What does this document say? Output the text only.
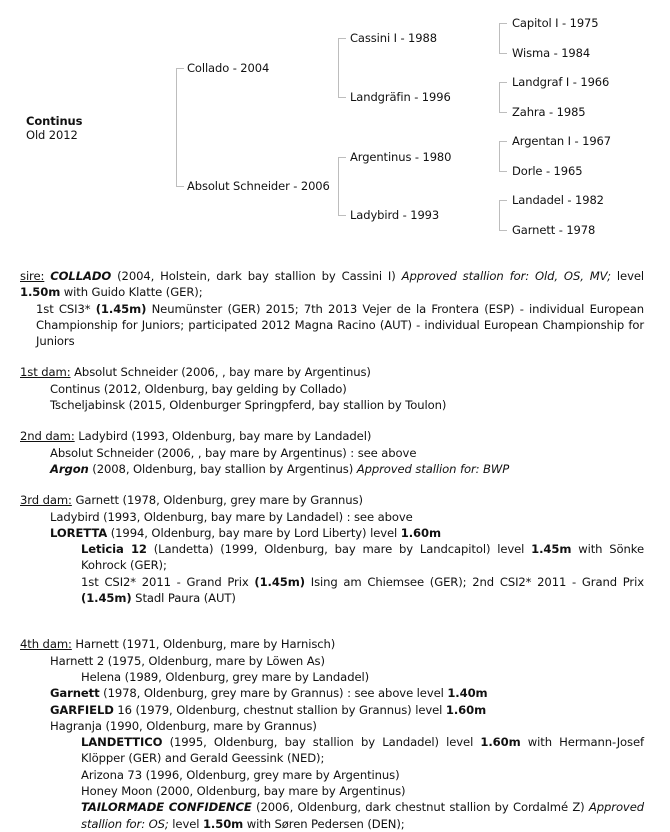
Continus
Old 2012
Collado - 2004
Absolut Schneider - 2006
Cassini I - 1988
Landgräfin - 1996
Argentinus - 1980
Ladybird - 1993
Capitol I - 1975
Wisma - 1984
Landgraf I - 1966
Zahra - 1985
Argentan I - 1967
Dorle - 1965
Landadel - 1982
Garnett - 1978

sire: COLLADO (2004, Holstein, dark bay stallion by Cassini I) Approved stallion for: Old, OS, MV; level 1.50m with Guido Klatte (GER);

1st CSI3* (1.45m) Neumünster (GER) 2015; 7th 2013 Vejer de la Frontera (ESP) - individual European Championship for Juniors; participated 2012 Magna Racino (AUT) - individual European Championship for Juniors

1st dam: Absolut Schneider (2006, , bay mare by Argentinus)

Continus (2012, Oldenburg, bay gelding by Collado)

Tscheljabinsk (2015, Oldenburger Springpferd, bay stallion by Toulon)

2nd dam: Ladybird (1993, Oldenburg, bay mare by Landadel)

Absolut Schneider (2006, , bay mare by Argentinus) : see above

Argon (2008, Oldenburg, bay stallion by Argentinus) Approved stallion for: BWP

3rd dam: Garnett (1978, Oldenburg, grey mare by Grannus)

Ladybird (1993, Oldenburg, bay mare by Landadel) : see above

LORETTA (1994, Oldenburg, bay mare by Lord Liberty) level 1.60m

Leticia 12 (Landetta) (1999, Oldenburg, bay mare by Landcapitol) level 1.45m with Sönke Kohrock (GER);

1st CSI2* 2011 - Grand Prix (1.45m) Ising am Chiemsee (GER); 2nd CSI2* 2011 - Grand Prix (1.45m) Stadl Paura (AUT)

4th dam: Harnett (1971, Oldenburg, mare by Harnisch)

Harnett 2 (1975, Oldenburg, mare by Löwen As)

Helena (1989, Oldenburg, grey mare by Landadel)

Garnett (1978, Oldenburg, grey mare by Grannus) : see above level 1.40m

GARFIELD 16 (1979, Oldenburg, chestnut stallion by Grannus) level 1.60m

Hagranja (1990, Oldenburg, mare by Grannus)

LANDETTICO (1995, Oldenburg, bay stallion by Landadel) level 1.60m with Hermann-Josef Klöpper (GER) and Gerald Geessink (NED);

Arizona 73 (1996, Oldenburg, grey mare by Argentinus)

Honey Moon (2000, Oldenburg, bay mare by Argentinus)

TAILORMADE CONFIDENCE (2006, Oldenburg, dark chestnut stallion by Cordalmé Z) Approved stallion for: OS; level 1.50m with Søren Pedersen (DEN);
